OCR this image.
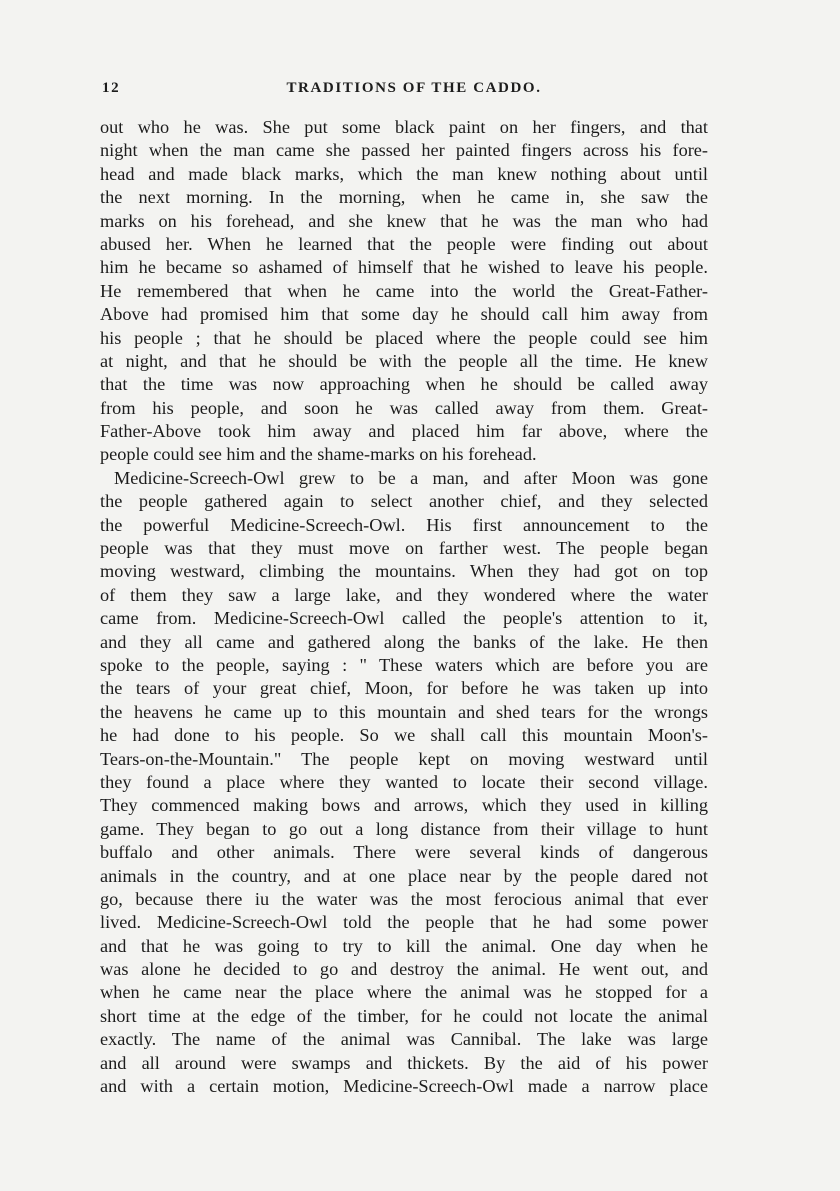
12	TRADITIONS OF THE CADDO.
out who he was. She put some black paint on her fingers, and that
night when the man came she passed her painted fingers across his fore-
head and made black marks, which the man knew nothing about until
the next morning. In the morning, when he came in, she saw the
marks on his forehead, and she knew that he was the man who had
abused her. When he learned that the people were finding out about
him he became so ashamed of himself that he wished to leave his people.
He remembered that when he came into the world the Great-Father-
Above had promised him that some day he should call him away from
his people ; that he should be placed where the people could see him
at night, and that he should be with the people all the time. He knew
that the time was now approaching when he should be called away
from his people, and soon he was called away from them. Great-
Father-Above took him away and placed him far above, where the
people could see him and the shame-marks on his forehead.
Medicine-Screech-Owl grew to be a man, and after Moon was gone
the people gathered again to select another chief, and they selected
the powerful Medicine-Screech-Owl. His first announcement to the
people was that they must move on farther west. The people began
moving westward, climbing the mountains. When they had got on top
of them they saw a large lake, and they wondered where the water
came from. Medicine-Screech-Owl called the people's attention to it,
and they all came and gathered along the banks of the lake. He then
spoke to the people, saying : " These waters which are before you are
the tears of your great chief, Moon, for before he was taken up into
the heavens he came up to this mountain and shed tears for the wrongs
he had done to his people. So we shall call this mountain Moon's-
Tears-on-the-Mountain." The people kept on moving westward until
they found a place where they wanted to locate their second village.
They commenced making bows and arrows, which they used in killing
game. They began to go out a long distance from their village to hunt
buffalo and other animals. There were several kinds of dangerous
animals in the country, and at one place near by the people dared not
go, because there iu the water was the most ferocious animal that ever
lived. Medicine-Screech-Owl told the people that he had some power
and that he was going to try to kill the animal. One day when he
was alone he decided to go and destroy the animal. He went out, and
when he came near the place where the animal was he stopped for a
short time at the edge of the timber, for he could not locate the animal
exactly. The name of the animal was Cannibal. The lake was large
and all around were swamps and thickets. By the aid of his power
and with a certain motion, Medicine-Screech-Owl made a narrow place
